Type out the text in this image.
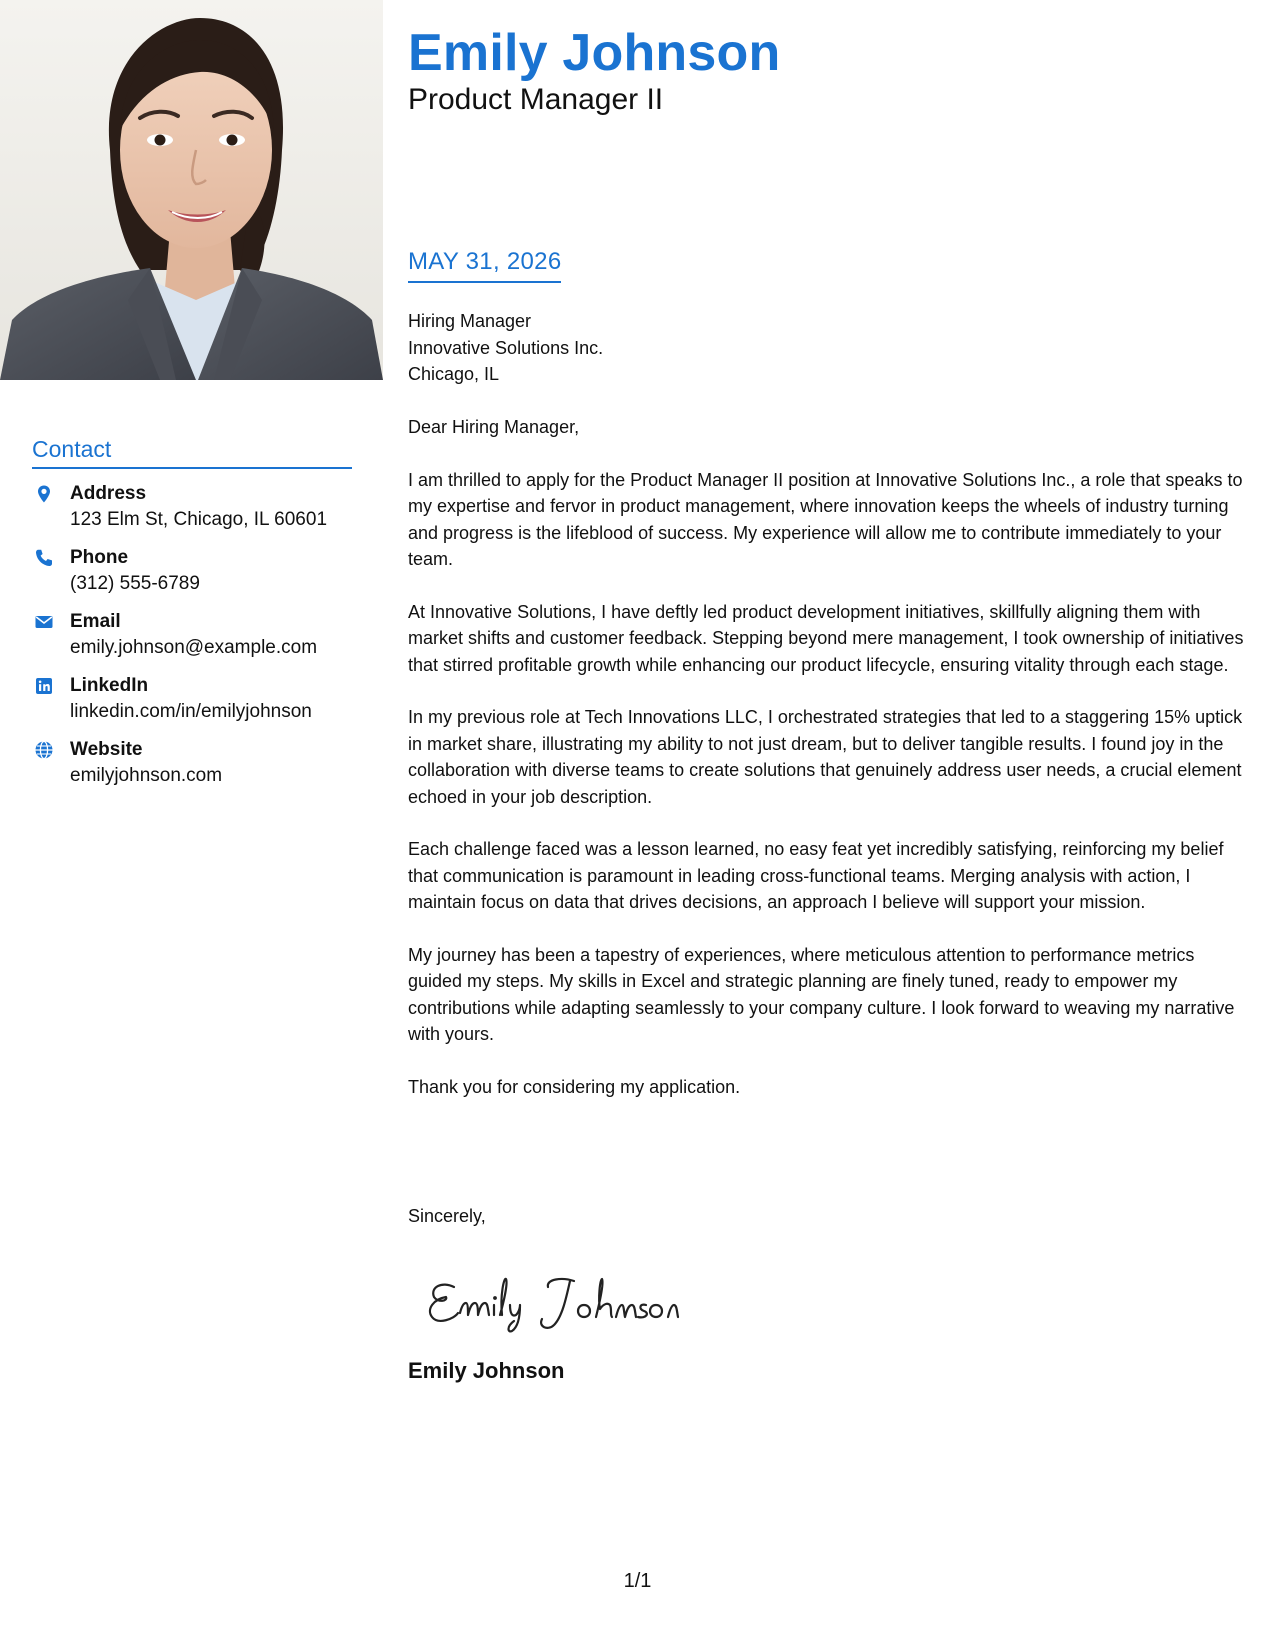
Contact
Address
123 Elm St, Chicago, IL 60601
Phone
(312) 555-6789
Email
emily.johnson@example.com
LinkedIn
linkedin.com/in/emilyjohnson
Website
emilyjohnson.com
Emily Johnson
Product Manager II
MAY 31, 2026
Hiring Manager
Innovative Solutions Inc.
Chicago, IL

Dear Hiring Manager,

I am thrilled to apply for the Product Manager II position at Innovative Solutions Inc., a role that speaks to my expertise and fervor in product management, where innovation keeps the wheels of industry turning and progress is the lifeblood of success. My experience will allow me to contribute immediately to your team.

At Innovative Solutions, I have deftly led product development initiatives, skillfully aligning them with market shifts and customer feedback. Stepping beyond mere management, I took ownership of initiatives that stirred profitable growth while enhancing our product lifecycle, ensuring vitality through each stage.

In my previous role at Tech Innovations LLC, I orchestrated strategies that led to a staggering 15% uptick in market share, illustrating my ability to not just dream, but to deliver tangible results. I found joy in the collaboration with diverse teams to create solutions that genuinely address user needs, a crucial element echoed in your job description.

Each challenge faced was a lesson learned, no easy feat yet incredibly satisfying, reinforcing my belief that communication is paramount in leading cross-functional teams. Merging analysis with action, I maintain focus on data that drives decisions, an approach I believe will support your mission.

My journey has been a tapestry of experiences, where meticulous attention to performance metrics guided my steps. My skills in Excel and strategic planning are finely tuned, ready to empower my contributions while adapting seamlessly to your company culture. I look forward to weaving my narrative with yours.

Thank you for considering my application.

Sincerely,
Emily Johnson
1/1
